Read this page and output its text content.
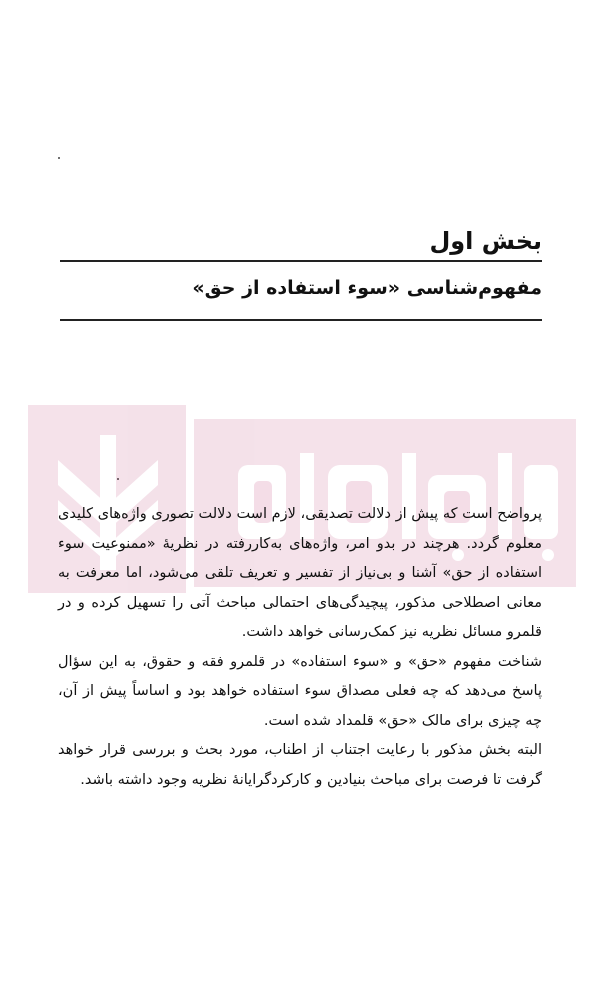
بخش اول
مفهوم‌شناسی «سوء استفاده از حق»

پرواضح است که پیش از دلالت تصدیقی، لازم است دلالت تصوری واژه‌های کلیدی معلوم گردد. هرچند در بدو امر، واژه‌های به‌کاررفته در نظریهٔ «ممنوعیت سوء استفاده از حق» آشنا و بی‌نیاز از تفسیر و تعریف تلقی می‌شود، اما معرفت به معانی اصطلاحی مذکور، پیچیدگی‌های احتمالی مباحث آتی را تسهیل کرده و در قلمرو مسائل نظریه نیز کمک‌رسانی خواهد داشت.

شناخت مفهوم «حق» و «سوء استفاده» در قلمرو فقه و حقوق، به این سؤال پاسخ می‌دهد که چه فعلی مصداق سوء استفاده خواهد بود و اساساً پیش از آن، چه چیزی برای مالک «حق» قلمداد شده است.

البته بخش مذکور با رعایت اجتناب از اطناب، مورد بحث و بررسی قرار خواهد گرفت تا فرصت برای مباحث بنیادین و کارکردگرایانهٔ نظریه وجود داشته باشد.
